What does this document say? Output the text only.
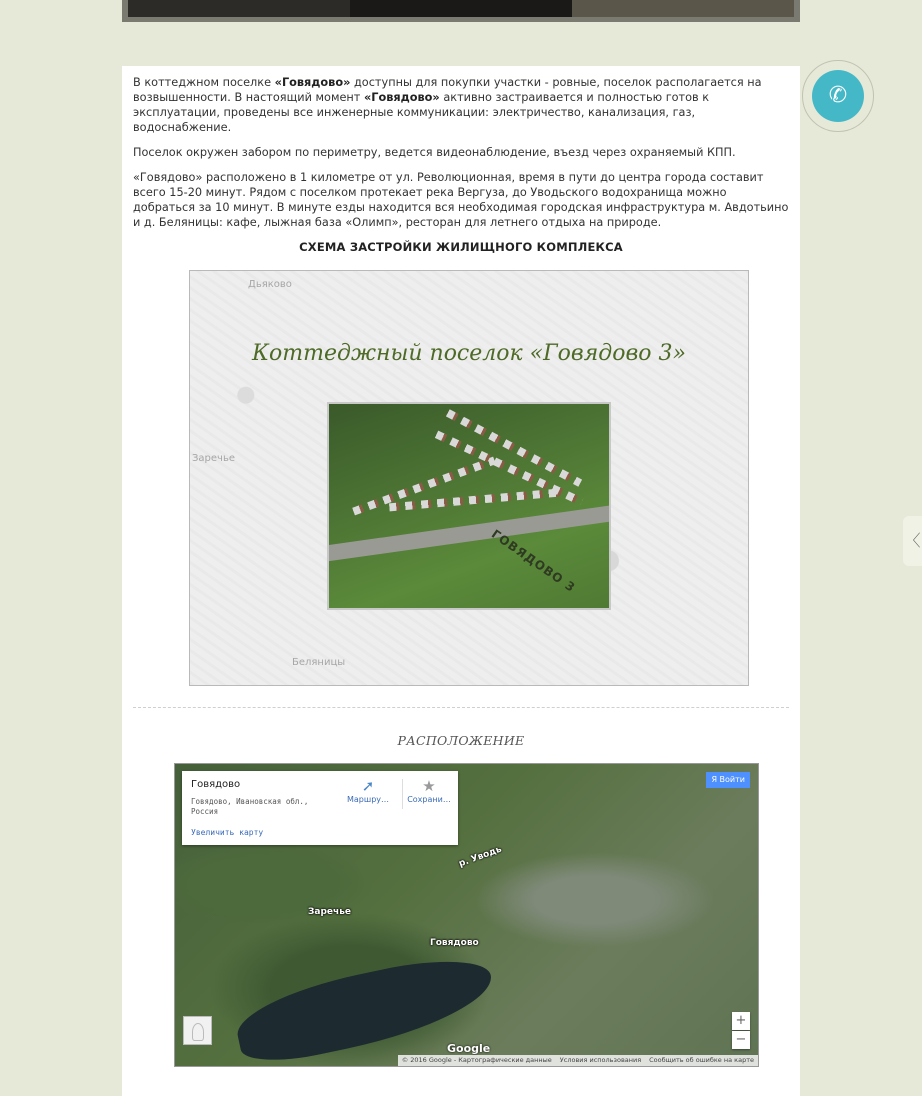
В коттеджном поселке «Говядово» доступны для покупки участки - ровные, поселок располагается на возвышенности. В настоящий момент «Говядово» активно застраивается и полностью готов к эксплуатации, проведены все инженерные коммуникации: электричество, канализация, газ, водоснабжение.

Поселок окружен забором по периметру, ведется видеонаблюдение, въезд через охраняемый КПП.

«Говядово» расположено в 1 километре от ул. Революционная, время в пути до центра города составит всего 15-20 минут. Рядом с поселком протекает река Вергуза, до Уводьского водохранища можно добраться за 10 минут. В минуте езды находится вся необходимая городская инфраструктура м. Авдотьино и д. Беляницы: кафе, лыжная база «Олимп», ресторан для летнего отдыха на природе.

СХЕМА ЗАСТРОЙКИ ЖИЛИЩНОГО КОМПЛЕКСА
Дьяково
Заречье
Беляницы
Коттеджный поселок «Говядово 3»
ГОВЯДОВО 3
РАСПОЛОЖЕНИЕ
Заречье
Говядово
р. Уводь
Говядово
Говядово, Ивановская обл., Россия
Увеличить карту
➚
Маршру…
★
Сохрани…
Я Войти
+
−
Google
© 2016 Google - Картографические данные	Условия использования	Сообщить об ошибке на карте
✆
〈
